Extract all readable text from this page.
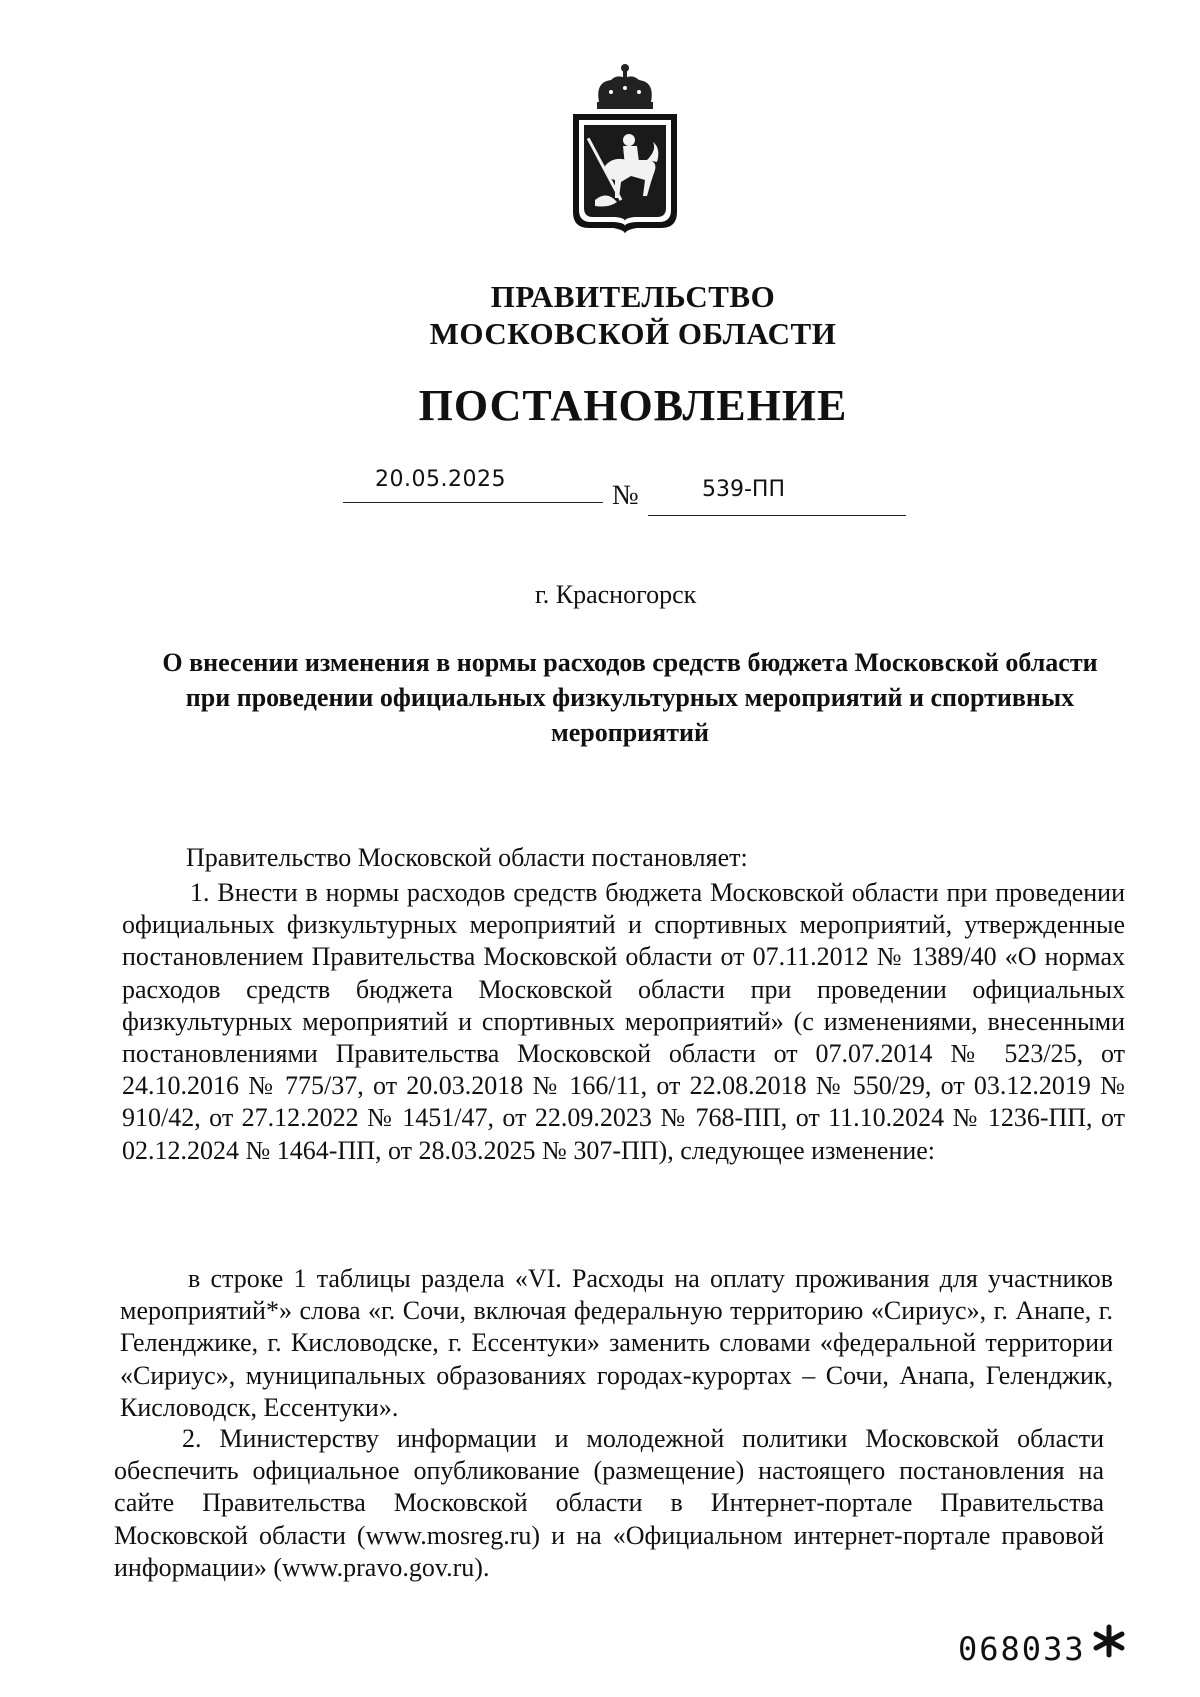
ПРАВИТЕЛЬСТВО
МОСКОВСКОЙ ОБЛАСТИ
ПОСТАНОВЛЕНИЕ
20.05.2025
№	539-ПП
г. Красногорск
О внесении изменения в нормы расходов средств бюджета Московской области при проведении официальных физкультурных мероприятий и спортивных мероприятий
Правительство Московской области постановляет:
1. Внести в нормы расходов средств бюджета Московской области при проведении официальных физкультурных мероприятий и спортивных мероприятий, утвержденные постановлением Правительства Московской области от 07.11.2012 № 1389/40 «О нормах расходов средств бюджета Московской области при проведении официальных физкультурных мероприятий и спортивных мероприятий» (с изменениями, внесенными постановлениями Правительства Московской области от 07.07.2014 № 523/25, от 24.10.2016 № 775/37, от 20.03.2018 № 166/11, от 22.08.2018 № 550/29, от 03.12.2019 № 910/42, от 27.12.2022 № 1451/47, от 22.09.2023 № 768-ПП, от 11.10.2024 № 1236-ПП, от 02.12.2024 № 1464-ПП, от 28.03.2025 № 307-ПП), следующее изменение:
в строке 1 таблицы раздела «VI. Расходы на оплату проживания для участников мероприятий*» слова «г. Сочи, включая федеральную территорию «Сириус», г. Анапе, г. Геленджике, г. Кисловодске, г. Ессентуки» заменить словами «федеральной территории «Сириус», муниципальных образованиях городах-курортах – Сочи, Анапа, Геленджик, Кисловодск, Ессентуки».
2. Министерству информации и молодежной политики Московской области обеспечить официальное опубликование (размещение) настоящего постановления на сайте Правительства Московской области в Интернет-портале Правительства Московской области (www.mosreg.ru) и на «Официальном интернет-портале правовой информации» (www.pravo.gov.ru).
068033
